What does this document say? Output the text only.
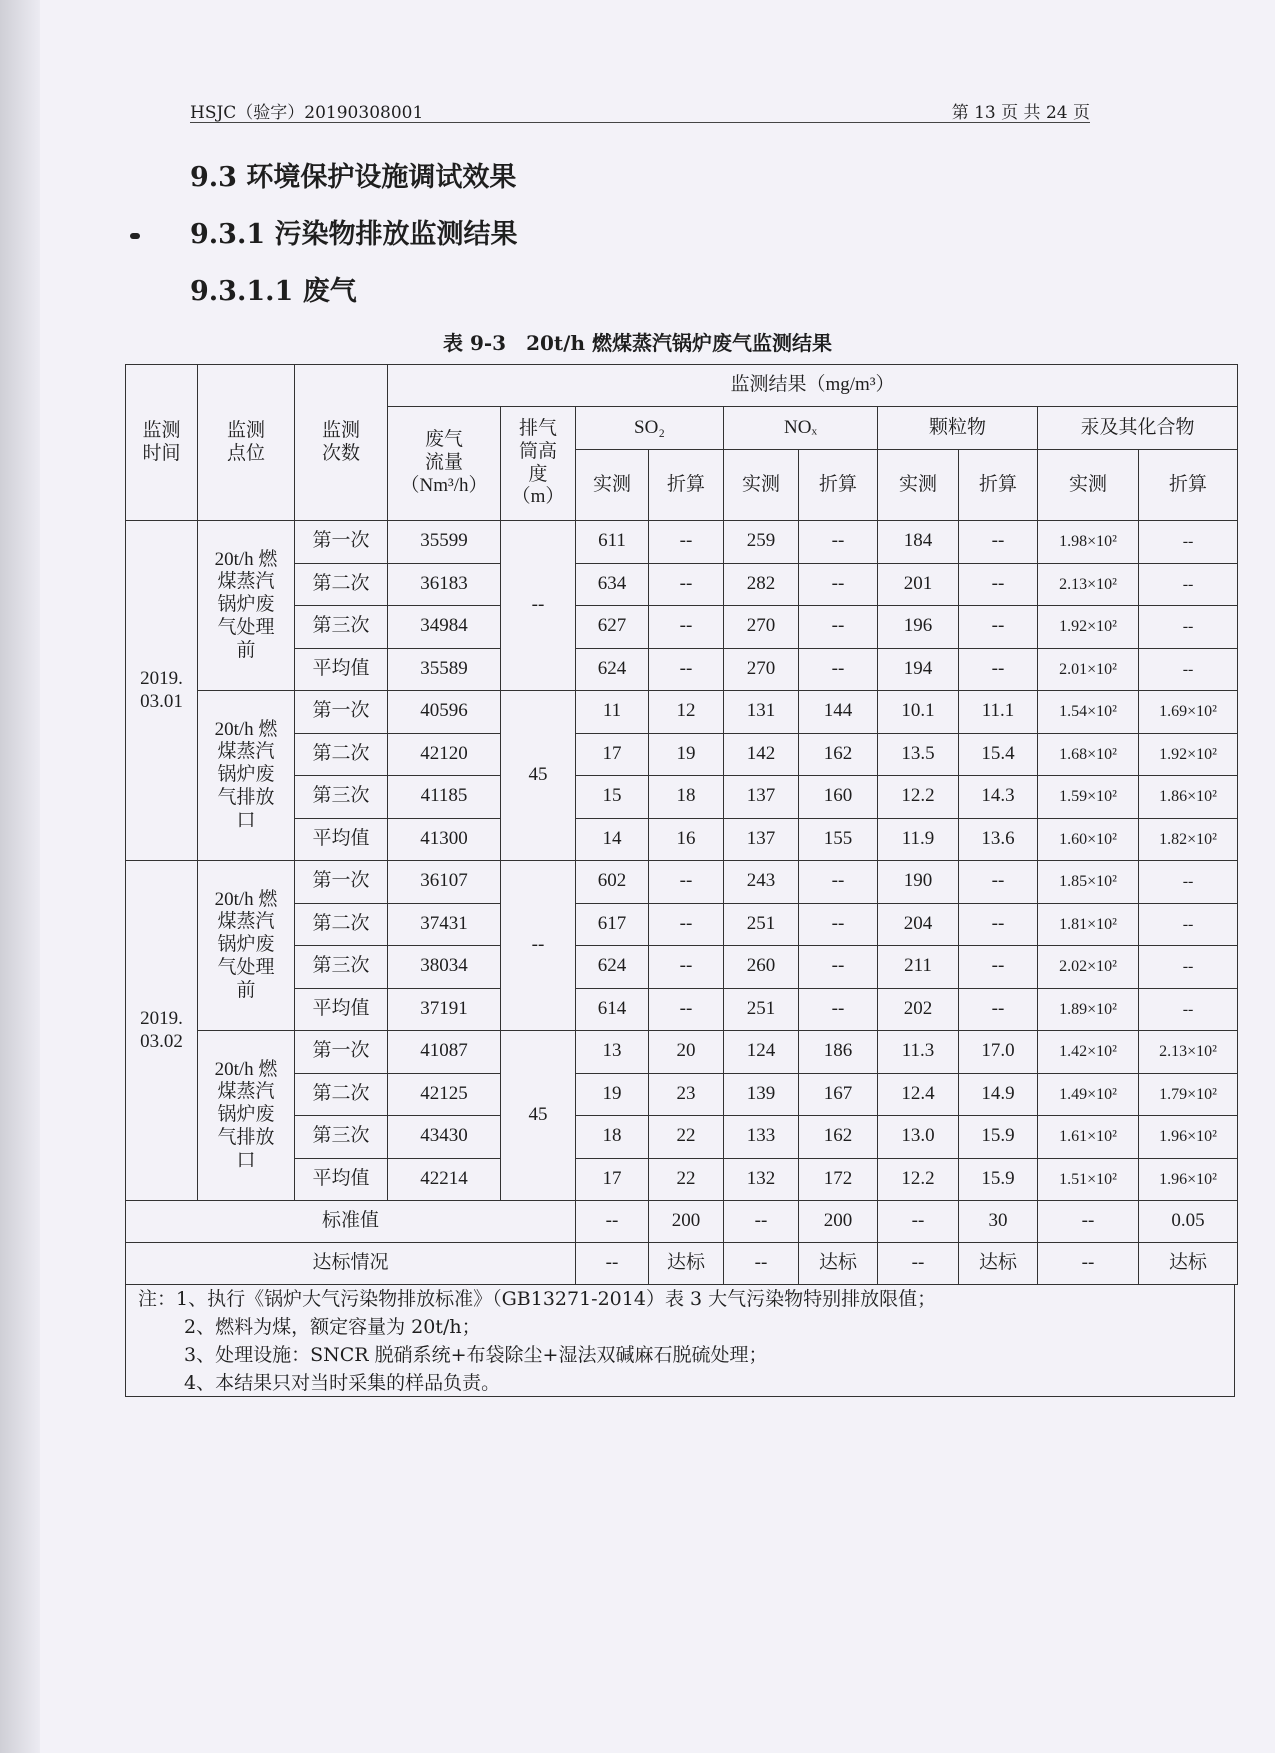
HSJC（验字）20190308001	第 13 页 共 24 页
9.3 环境保护设施调试效果
9.3.1 污染物排放监测结果
9.3.1.1 废气
表 9-3　20t/h 燃煤蒸汽锅炉废气监测结果
监测
时间	监测
点位	监测
次数	监测结果（mg/m³）									
			废气
流量
（Nm³/h）	排气
筒高
度
（m）	SO₂		NOₓ		颗粒物		汞及其化合物	
					实测	折算	实测	折算	实测	折算	实测	折算
2019.
03.01	20t/h 燃
煤蒸汽
锅炉废
气处理
前	第一次	35599	--	611	--	259	--	184	--	1.98×10²	--
		第二次	36183		634	--	282	--	201	--	2.13×10²	--
		第三次	34984		627	--	270	--	196	--	1.92×10²	--
		平均值	35589		624	--	270	--	194	--	2.01×10²	--
	20t/h 燃
煤蒸汽
锅炉废
气排放
口	第一次	40596	45	11	12	131	144	10.1	11.1	1.54×10²	1.69×10²
		第二次	42120		17	19	142	162	13.5	15.4	1.68×10²	1.92×10²
		第三次	41185		15	18	137	160	12.2	14.3	1.59×10²	1.86×10²
		平均值	41300		14	16	137	155	11.9	13.6	1.60×10²	1.82×10²
2019.
03.02	20t/h 燃
煤蒸汽
锅炉废
气处理
前	第一次	36107	--	602	--	243	--	190	--	1.85×10²	--
		第二次	37431		617	--	251	--	204	--	1.81×10²	--
		第三次	38034		624	--	260	--	211	--	2.02×10²	--
		平均值	37191		614	--	251	--	202	--	1.89×10²	--
	20t/h 燃
煤蒸汽
锅炉废
气排放
口	第一次	41087	45	13	20	124	186	11.3	17.0	1.42×10²	2.13×10²
		第二次	42125		19	23	139	167	12.4	14.9	1.49×10²	1.79×10²
		第三次	43430		18	22	133	162	13.0	15.9	1.61×10²	1.96×10²
		平均值	42214		17	22	132	172	12.2	15.9	1.51×10²	1.96×10²
标准值					--	200	--	200	--	30	--	0.05
达标情况					--	达标	--	达标	--	达标	--	达标
注：1、执行《锅炉大气污染物排放标准》（GB13271-2014）表 3 大气污染物特别排放限值；
2、燃料为煤，额定容量为 20t/h；
3、处理设施：SNCR 脱硝系统+布袋除尘+湿法双碱麻石脱硫处理；
4、本结果只对当时采集的样品负责。
